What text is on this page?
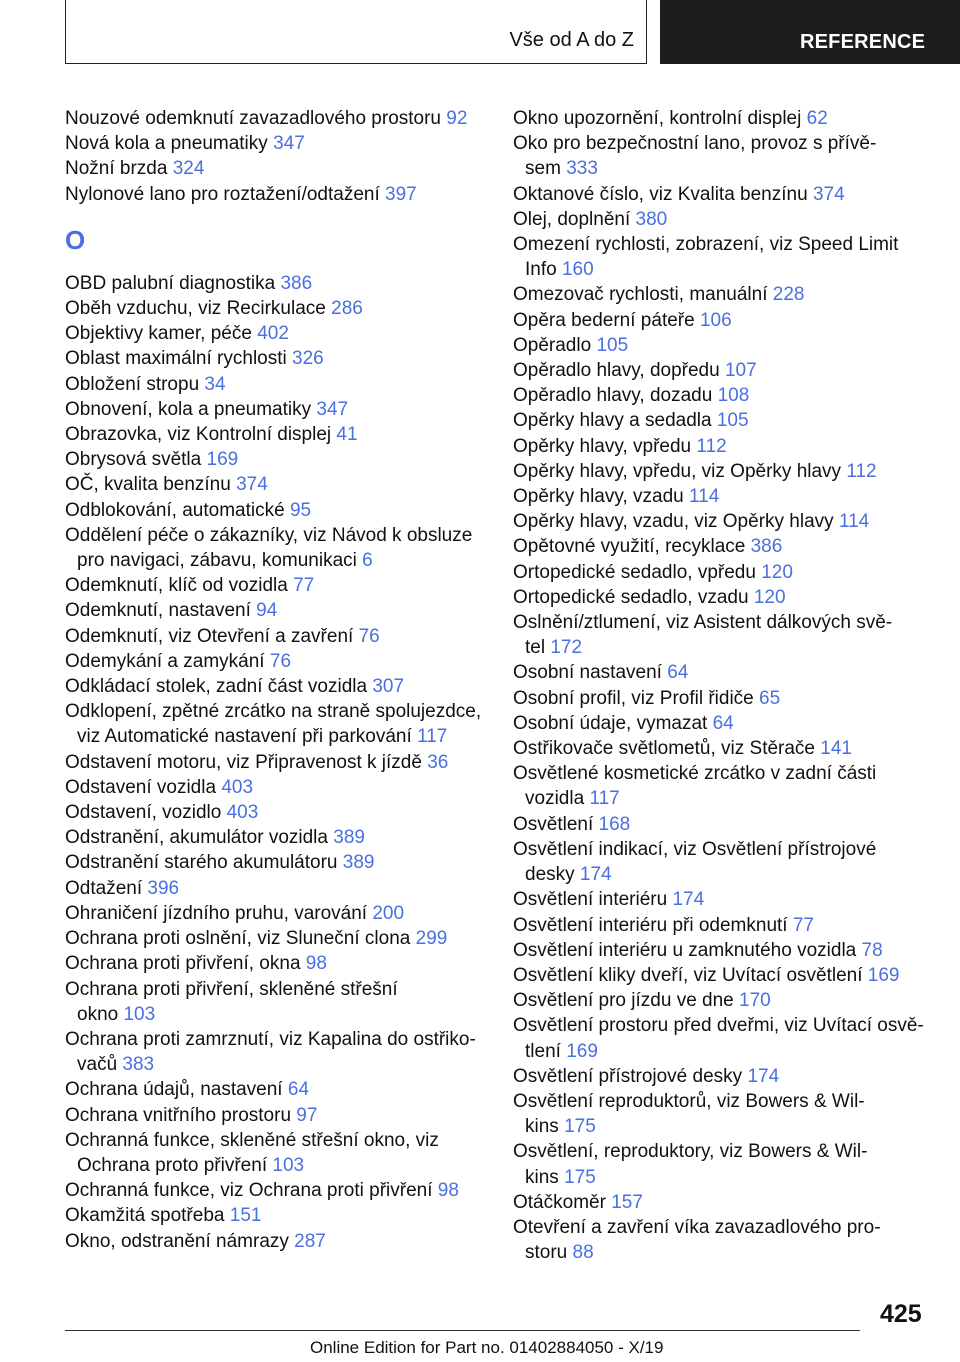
Vše od A do Z	REFERENCE
Nouzové odemknutí zavazadlového prostoru 92
Nová kola a pneumatiky 347
Nožní brzda 324
Nylonové lano pro roztažení/odtažení 397
O
OBD palubní diagnostika 386
Oběh vzduchu, viz Recirkulace 286
Objektivy kamer, péče 402
Oblast maximální rychlosti 326
Obložení stropu 34
Obnovení, kola a pneumatiky 347
Obrazovka, viz Kontrolní displej 41
Obrysová světla 169
OČ, kvalita benzínu 374
Odblokování, automatické 95
Oddělení péče o zákazníky, viz Návod k obsluze
pro navigaci, zábavu, komunikaci 6
Odemknutí, klíč od vozidla 77
Odemknutí, nastavení 94
Odemknutí, viz Otevření a zavření 76
Odemykání a zamykání 76
Odkládací stolek, zadní část vozidla 307
Odklopení, zpětné zrcátko na straně spolujezdce,
viz Automatické nastavení při parkování 117
Odstavení motoru, viz Připravenost k jízdě 36
Odstavení vozidla 403
Odstavení, vozidlo 403
Odstranění, akumulátor vozidla 389
Odstranění starého akumulátoru 389
Odtažení 396
Ohraničení jízdního pruhu, varování 200
Ochrana proti oslnění, viz Sluneční clona 299
Ochrana proti přivření, okna 98
Ochrana proti přivření, skleněné střešní
okno 103
Ochrana proti zamrznutí, viz Kapalina do ostřiko‐
vačů 383
Ochrana údajů, nastavení 64
Ochrana vnitřního prostoru 97
Ochranná funkce, skleněné střešní okno, viz
Ochrana proto přivření 103
Ochranná funkce, viz Ochrana proti přivření 98
Okamžitá spotřeba 151
Okno, odstranění námrazy 287
Okno upozornění, kontrolní displej 62
Oko pro bezpečnostní lano, provoz s přívě‐
sem 333
Oktanové číslo, viz Kvalita benzínu 374
Olej, doplnění 380
Omezení rychlosti, zobrazení, viz Speed Limit
Info 160
Omezovač rychlosti, manuální 228
Opěra bederní páteře 106
Opěradlo 105
Opěradlo hlavy, dopředu 107
Opěradlo hlavy, dozadu 108
Opěrky hlavy a sedadla 105
Opěrky hlavy, vpředu 112
Opěrky hlavy, vpředu, viz Opěrky hlavy 112
Opěrky hlavy, vzadu 114
Opěrky hlavy, vzadu, viz Opěrky hlavy 114
Opětovné využití, recyklace 386
Ortopedické sedadlo, vpředu 120
Ortopedické sedadlo, vzadu 120
Oslnění/ztlumení, viz Asistent dálkových svě‐
tel 172
Osobní nastavení 64
Osobní profil, viz Profil řidiče 65
Osobní údaje, vymazat 64
Ostřikovače světlometů, viz Stěrače 141
Osvětlené kosmetické zrcátko v zadní části
vozidla 117
Osvětlení 168
Osvětlení indikací, viz Osvětlení přístrojové
desky 174
Osvětlení interiéru 174
Osvětlení interiéru při odemknutí 77
Osvětlení interiéru u zamknutého vozidla 78
Osvětlení kliky dveří, viz Uvítací osvětlení 169
Osvětlení pro jízdu ve dne 170
Osvětlení prostoru před dveřmi, viz Uvítací osvě‐
tlení 169
Osvětlení přístrojové desky 174
Osvětlení reproduktorů, viz Bowers & Wil‐
kins 175
Osvětlení, reproduktory, viz Bowers & Wil‐
kins 175
Otáčkoměr 157
Otevření a zavření víka zavazadlového pro‐
storu 88
425
Online Edition for Part no. 01402884050 - X/19
